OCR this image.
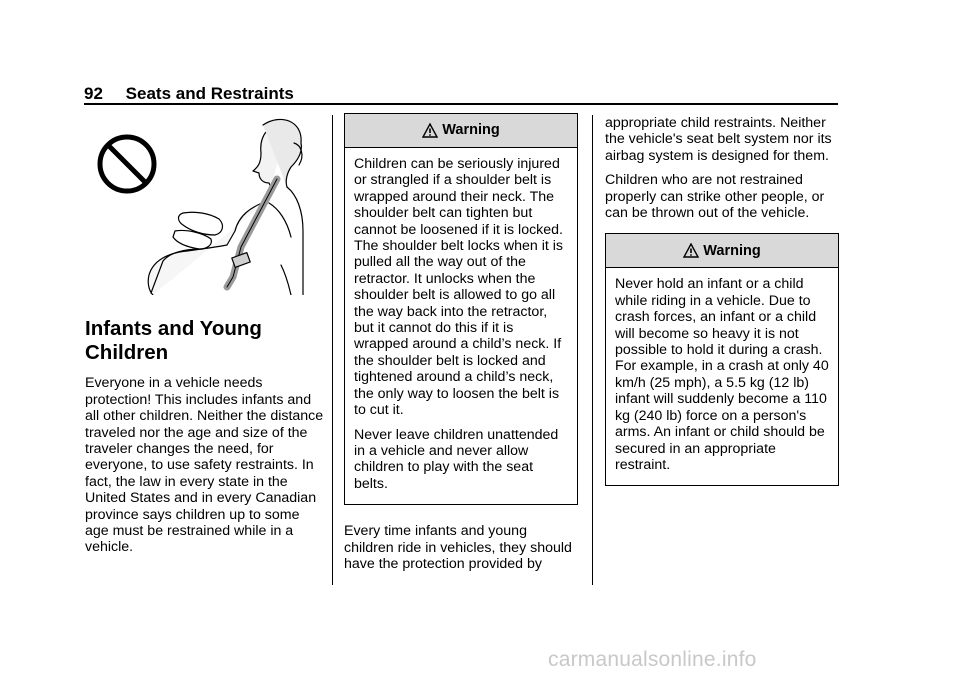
92 Seats and Restraints
Infants and Young
Children

Everyone in a vehicle needs protection! This includes infants and all other children. Neither the distance traveled nor the age and size of the traveler changes the need, for everyone, to use safety restraints. In fact, the law in every state in the United States and in every Canadian province says children up to some age must be restrained while in a vehicle.

Warning

Children can be seriously injured or strangled if a shoulder belt is wrapped around their neck. The shoulder belt can tighten but cannot be loosened if it is locked. The shoulder belt locks when it is pulled all the way out of the retractor. It unlocks when the shoulder belt is allowed to go all the way back into the retractor, but it cannot do this if it is wrapped around a child’s neck. If the shoulder belt is locked and tightened around a child’s neck, the only way to loosen the belt is to cut it.

Never leave children unattended in a vehicle and never allow children to play with the seat belts.

Every time infants and young children ride in vehicles, they should have the protection provided by

appropriate child restraints. Neither the vehicle's seat belt system nor its airbag system is designed for them.

Children who are not restrained properly can strike other people, or can be thrown out of the vehicle.

Warning

Never hold an infant or a child while riding in a vehicle. Due to crash forces, an infant or a child will become so heavy it is not possible to hold it during a crash. For example, in a crash at only 40 km/h (25 mph), a 5.5 kg (12 lb) infant will suddenly become a 110 kg (240 lb) force on a person's arms. An infant or child should be secured in an appropriate restraint.

carmanualsonline.info
